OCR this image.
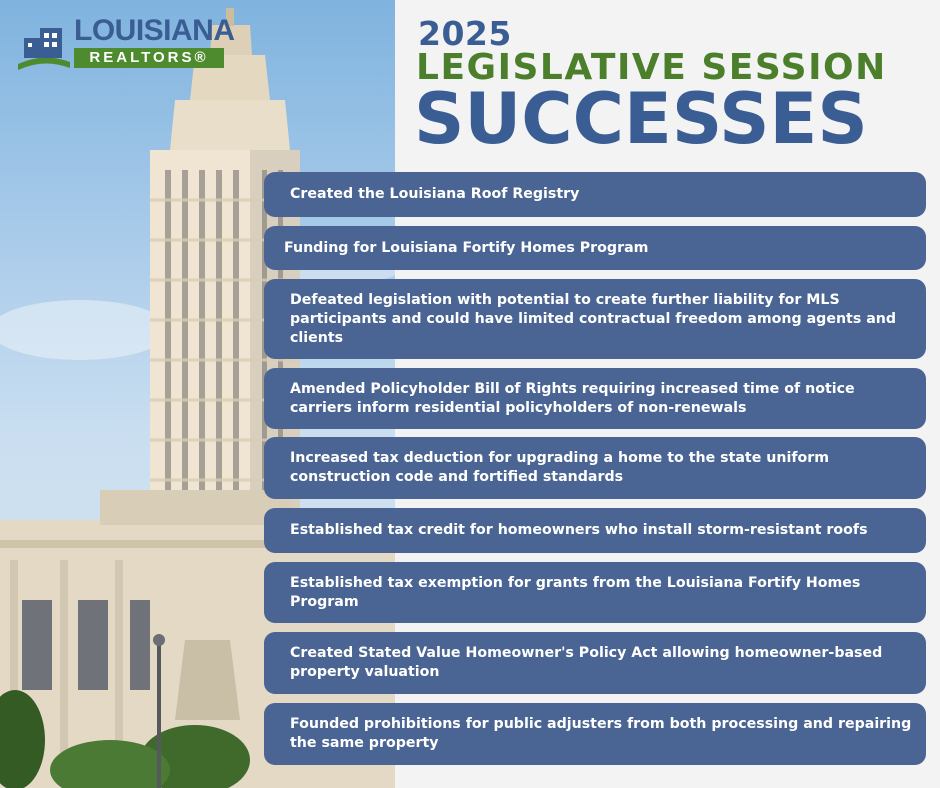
LOUISIANA
REALTORS®
2025
LEGISLATIVE SESSION
SUCCESSES
Created the Louisiana Roof Registry
Funding for Louisiana Fortify Homes Program
Defeated legislation with potential to create further liability for MLS participants and could have limited contractual freedom among agents and clients
Amended Policyholder Bill of Rights requiring increased time of notice carriers inform residential policyholders of non-renewals
Increased tax deduction for upgrading a home to the state uniform construction code and fortified standards
Established tax credit for homeowners who install storm-resistant roofs
Established tax exemption for grants from the Louisiana Fortify Homes Program
Created Stated Value Homeowner's Policy Act allowing homeowner-based property valuation
Founded prohibitions for public adjusters from both processing and repairing the same property
